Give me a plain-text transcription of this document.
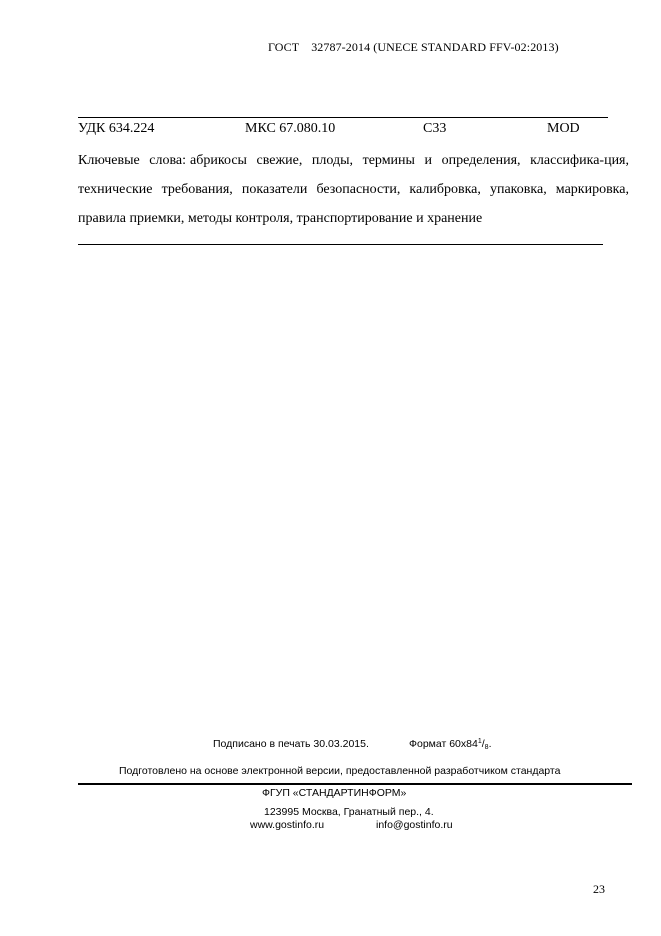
ГОСТ 32787-2014 (UNECE STANDARD FFV-02:2013)
УДК 634.224	МКС 67.080.10	С33	MOD
Ключевые слова: абрикосы свежие, плоды, термины и определения, классифика-ция, технические требования, показатели безопасности, калибровка, упаковка, маркировка, правила приемки, методы контроля, транспортирование и хранение
Подписано в печать 30.03.2015.	Формат $60х84^1/_8$.
Подготовлено на основе электронной версии, предоставленной разработчиком стандарта
ФГУП «СТАНДАРТИНФОРМ»
123995 Москва, Гранатный пер., 4.
www.gostinfo.ru	info@gostinfo.ru
23
